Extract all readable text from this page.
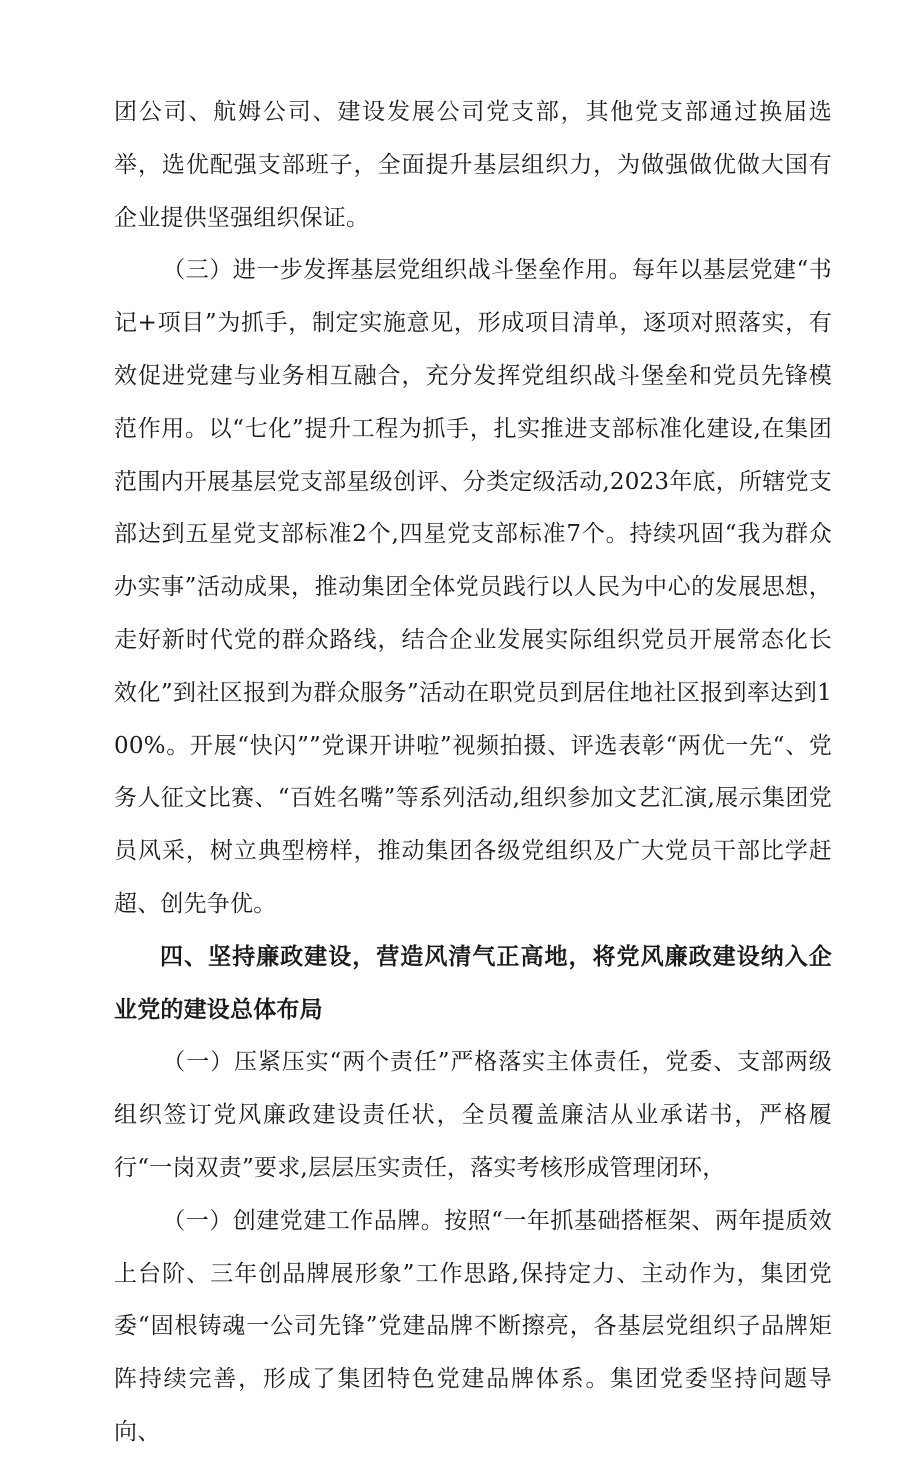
团公司、航姆公司、建设发展公司党支部，其他党支部通过换届选举，选优配强支部班子，全面提升基层组织力，为做强做优做大国有企业提供坚强组织保证。

（三）进一步发挥基层党组织战斗堡垒作用。每年以基层党建“书记+项目”为抓手，制定实施意见，形成项目清单，逐项对照落实，有效促进党建与业务相互融合，充分发挥党组织战斗堡垒和党员先锋模范作用。以“七化”提升工程为抓手，扎实推进支部标准化建设,在集团范围内开展基层党支部星级创评、分类定级活动,2023年底，所辖党支部达到五星党支部标准2个,四星党支部标准7个。持续巩固“我为群众办实事”活动成果，推动集团全体党员践行以人民为中心的发展思想，走好新时代党的群众路线，结合企业发展实际组织党员开展常态化长效化”到社区报到为群众服务”活动在职党员到居住地社区报到率达到100%。开展“快闪””党课开讲啦”视频拍摄、评选表彰“两优一先“、党务人征文比赛、“百姓名嘴”等系列活动,组织参加文艺汇演,展示集团党员风采，树立典型榜样，推动集团各级党组织及广大党员干部比学赶超、创先争优。

四、坚持廉政建设，营造风清气正高地，将党风廉政建设纳入企业党的建设总体布局

（一）压紧压实“两个责任”严格落实主体责任，党委、支部两级组织签订党风廉政建设责任状，全员覆盖廉洁从业承诺书，严格履行“一岗双责”要求,层层压实责任，落实考核形成管理闭环，

（一）创建党建工作品牌。按照“一年抓基础搭框架、两年提质效上台阶、三年创品牌展形象”工作思路,保持定力、主动作为，集团党委“固根铸魂一公司先锋”党建品牌不断擦亮，各基层党组织子品牌矩阵持续完善，形成了集团特色党建品牌体系。集团党委坚持问题导向、
